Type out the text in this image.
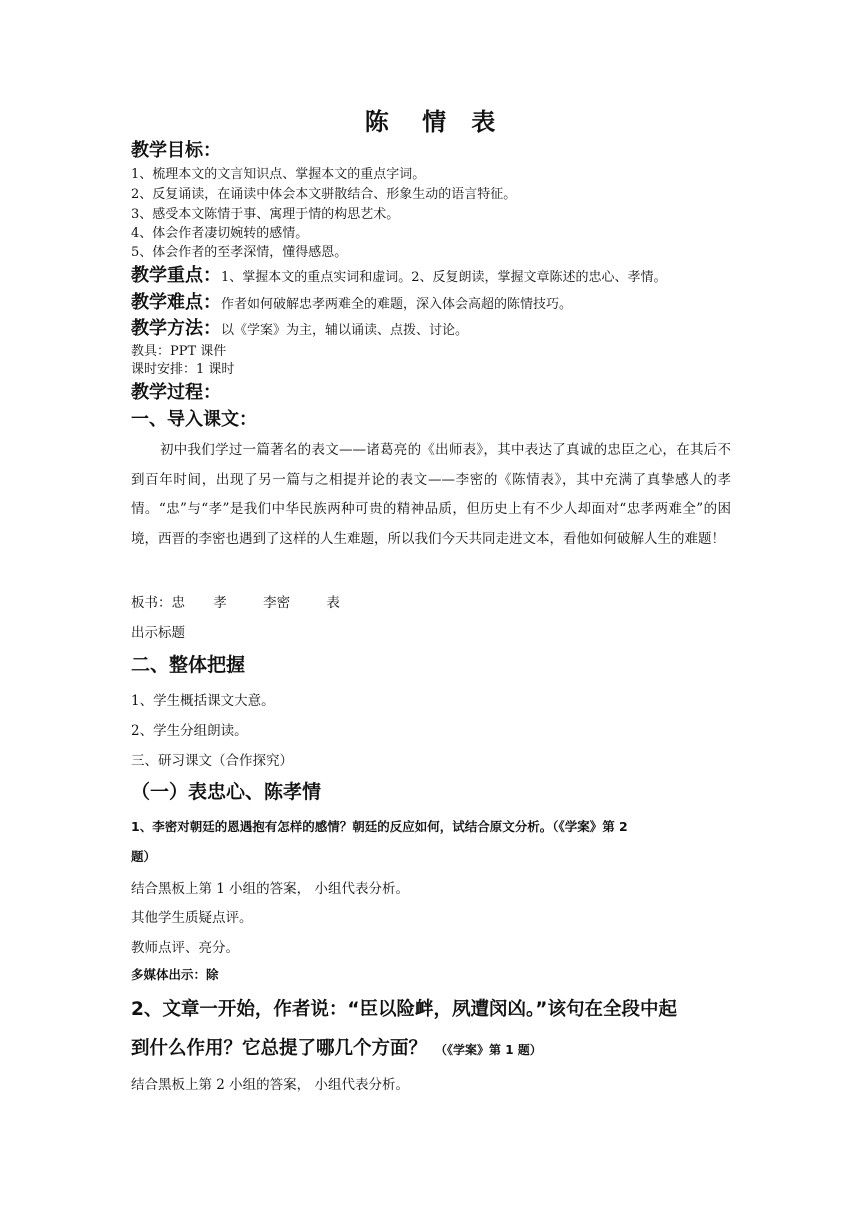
陈    情   表
教学目标：
1、梳理本文的文言知识点、掌握本文的重点字词。
2、反复诵读，在诵读中体会本文骈散结合、形象生动的语言特征。
3、感受本文陈情于事、寓理于情的构思艺术。
4、体会作者凄切婉转的感情。
5、体会作者的至孝深情，懂得感恩。
教学重点：1、掌握本文的重点实词和虚词。2、反复朗读，掌握文章陈述的忠心、孝情。
教学难点：作者如何破解忠孝两难全的难题，深入体会高超的陈情技巧。
教学方法：以《学案》为主，辅以诵读、点拨、讨论。
教具：PPT 课件
课时安排：1 课时
教学过程：
一、导入课文：
初中我们学过一篇著名的表文——诸葛亮的《出师表》，其中表达了真诚的忠臣之心，在其后不到百年时间，出现了另一篇与之相提并论的表文——李密的《陈情表》，其中充满了真挚感人的孝情。“忠”与“孝”是我们中华民族两种可贵的精神品质，但历史上有不少人却面对“忠孝两难全”的困境，西晋的李密也遇到了这样的人生难题，所以我们今天共同走进文本，看他如何破解人生的难题！
板书：忠 孝	李密	表
出示标题
二、整体把握
1、学生概括课文大意。
2、学生分组朗读。
三、研习课文（合作探究）
（一）表忠心、陈孝情
1、李密对朝廷的恩遇抱有怎样的感情？朝廷的反应如何，试结合原文分析。（《学案》第 2
题）
结合黑板上第 1 小组的答案， 小组代表分析。
其他学生质疑点评。
教师点评、亮分。
多媒体出示：除
2、文章一开始，作者说：“臣以险衅，夙遭闵凶。”该句在全段中起
到什么作用？它总提了哪几个方面？ （《学案》第 1 题）
结合黑板上第 2 小组的答案， 小组代表分析。
